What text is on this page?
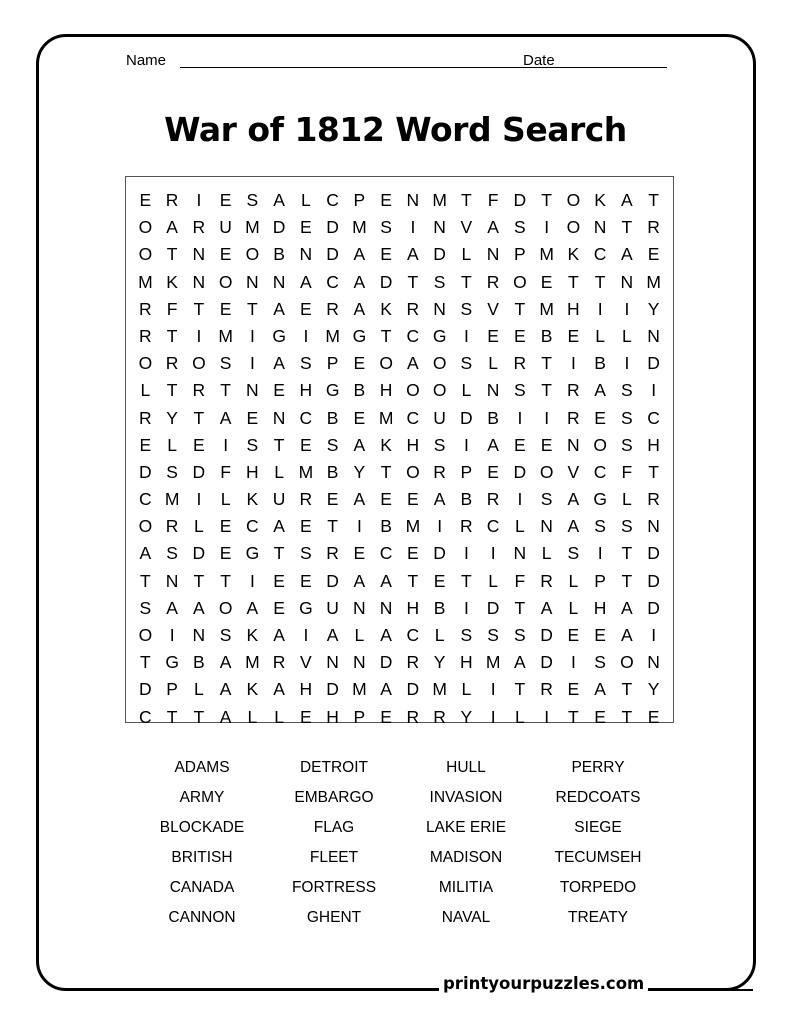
Name	Date
War of 1812 Word Search
E R	I	E S A L C P E N M T F D T O K A T
O A R U M D E D M S	I	N V A S	I	O N T R
O T N E O B N D A E A D L N P M K C A E
M K N O N N A C A D T S T R O E T T N M
R F T E T A E R A K R N S V T M H	I	I	Y
R T	I M I	G	I M G T C G	I	E E B E L L N
O R O S	I	A S P E O A O S L R T	I	B	I	D
L T R T N E H G B H O O L N S T R A S	I
R Y T A E N C B E M C U D B	I	I	R E S C
E L E	I	S T E S A K H S	I	A E E N O S H
D S D F H L M B Y T O R P E D O V C F T
C M I	L K U R E A E E A B R	I	S A G L R
O R L E C A E T	I	B M I	R C L N A S S N
A S D E G T S R E C E D	I	I	N L S	I	T D
T N T T	I	E E D A A T E T L F R L P T D
S A A O A E G U N N H B	I	D T A L H A D
O	I	N S K A	I	A L A C L S S S D E E A	I
T G B A M R V N N D R Y H M A D	I	S O N
D P L A K A H D M A D M L	I	T R E A T Y
C T T A L L E H P E R R Y	I	L	I	T E T E
ADAMS	DETROIT	HULL	PERRY
ARMY	EMBARGO	INVASION	REDCOATS
BLOCKADE	FLAG	LAKE ERIE	SIEGE
BRITISH	FLEET	MADISON	TECUMSEH
CANADA	FORTRESS	MILITIA	TORPEDO
CANNON	GHENT	NAVAL	TREATY
printyourpuzzles.com
